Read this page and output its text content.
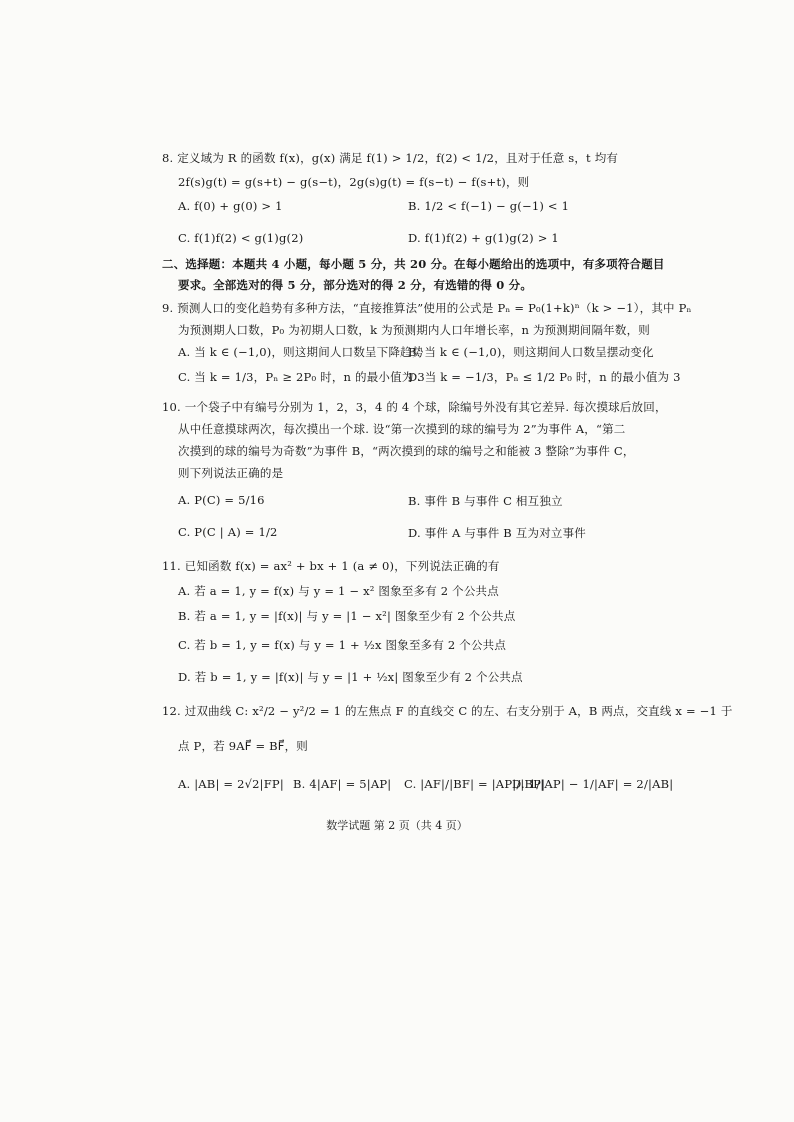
8. 定义域为 R 的函数 f(x)，g(x) 满足 f(1) > 1/2，f(2) < 1/2，且对于任意 s，t 均有
2f(s)g(t) = g(s+t) − g(s−t)，2g(s)g(t) = f(s−t) − f(s+t)，则
A. f(0) + g(0) > 1	B. 1/2 < f(−1) − g(−1) < 1
C. f(1)f(2) < g(1)g(2)	D. f(1)f(2) + g(1)g(2) > 1
二、选择题：本题共 4 小题，每小题 5 分，共 20 分。在每小题给出的选项中，有多项符合题目
要求。全部选对的得 5 分，部分选对的得 2 分，有选错的得 0 分。
9. 预测人口的变化趋势有多种方法，“直接推算法”使用的公式是 Pₙ = P₀(1+k)ⁿ（k > −1），其中 Pₙ
为预测期人口数，P₀ 为初期人口数，k 为预测期内人口年增长率，n 为预测期间隔年数，则
A. 当 k ∈ (−1,0)，则这期间人口数呈下降趋势
B. 当 k ∈ (−1,0)，则这期间人口数呈摆动变化
C. 当 k = 1/3，Pₙ ≥ 2P₀ 时，n 的最小值为 3
D. 当 k = −1/3，Pₙ ≤ 1/2 P₀ 时，n 的最小值为 3
10. 一个袋子中有编号分别为 1，2，3，4 的 4 个球，除编号外没有其它差异. 每次摸球后放回，
从中任意摸球两次，每次摸出一个球. 设“第一次摸到的球的编号为 2”为事件 A，“第二
次摸到的球的编号为奇数”为事件 B，“两次摸到的球的编号之和能被 3 整除”为事件 C，
则下列说法正确的是
A. P(C) = 5/16	B. 事件 B 与事件 C 相互独立
C. P(C | A) = 1/2	D. 事件 A 与事件 B 互为对立事件
11. 已知函数 f(x) = ax² + bx + 1 (a ≠ 0)，下列说法正确的有
A. 若 a = 1, y = f(x) 与 y = 1 − x² 图象至多有 2 个公共点
B. 若 a = 1, y = |f(x)| 与 y = |1 − x²| 图象至少有 2 个公共点
C. 若 b = 1, y = f(x) 与 y = 1 + ½x 图象至多有 2 个公共点
D. 若 b = 1, y = |f(x)| 与 y = |1 + ½x| 图象至少有 2 个公共点
12. 过双曲线 C: x²/2 − y²/2 = 1 的左焦点 F 的直线交 C 的左、右支分别于 A，B 两点，交直线 x = −1 于
点 P，若 9AF⃗ = BF⃗，则
A. |AB| = 2√2|FP| B. 4|AF| = 5|AP| C. |AF|/|BF| = |AP|/|BP|
D. 1/|AP| − 1/|AF| = 2/|AB|
数学试题 第 2 页（共 4 页）
